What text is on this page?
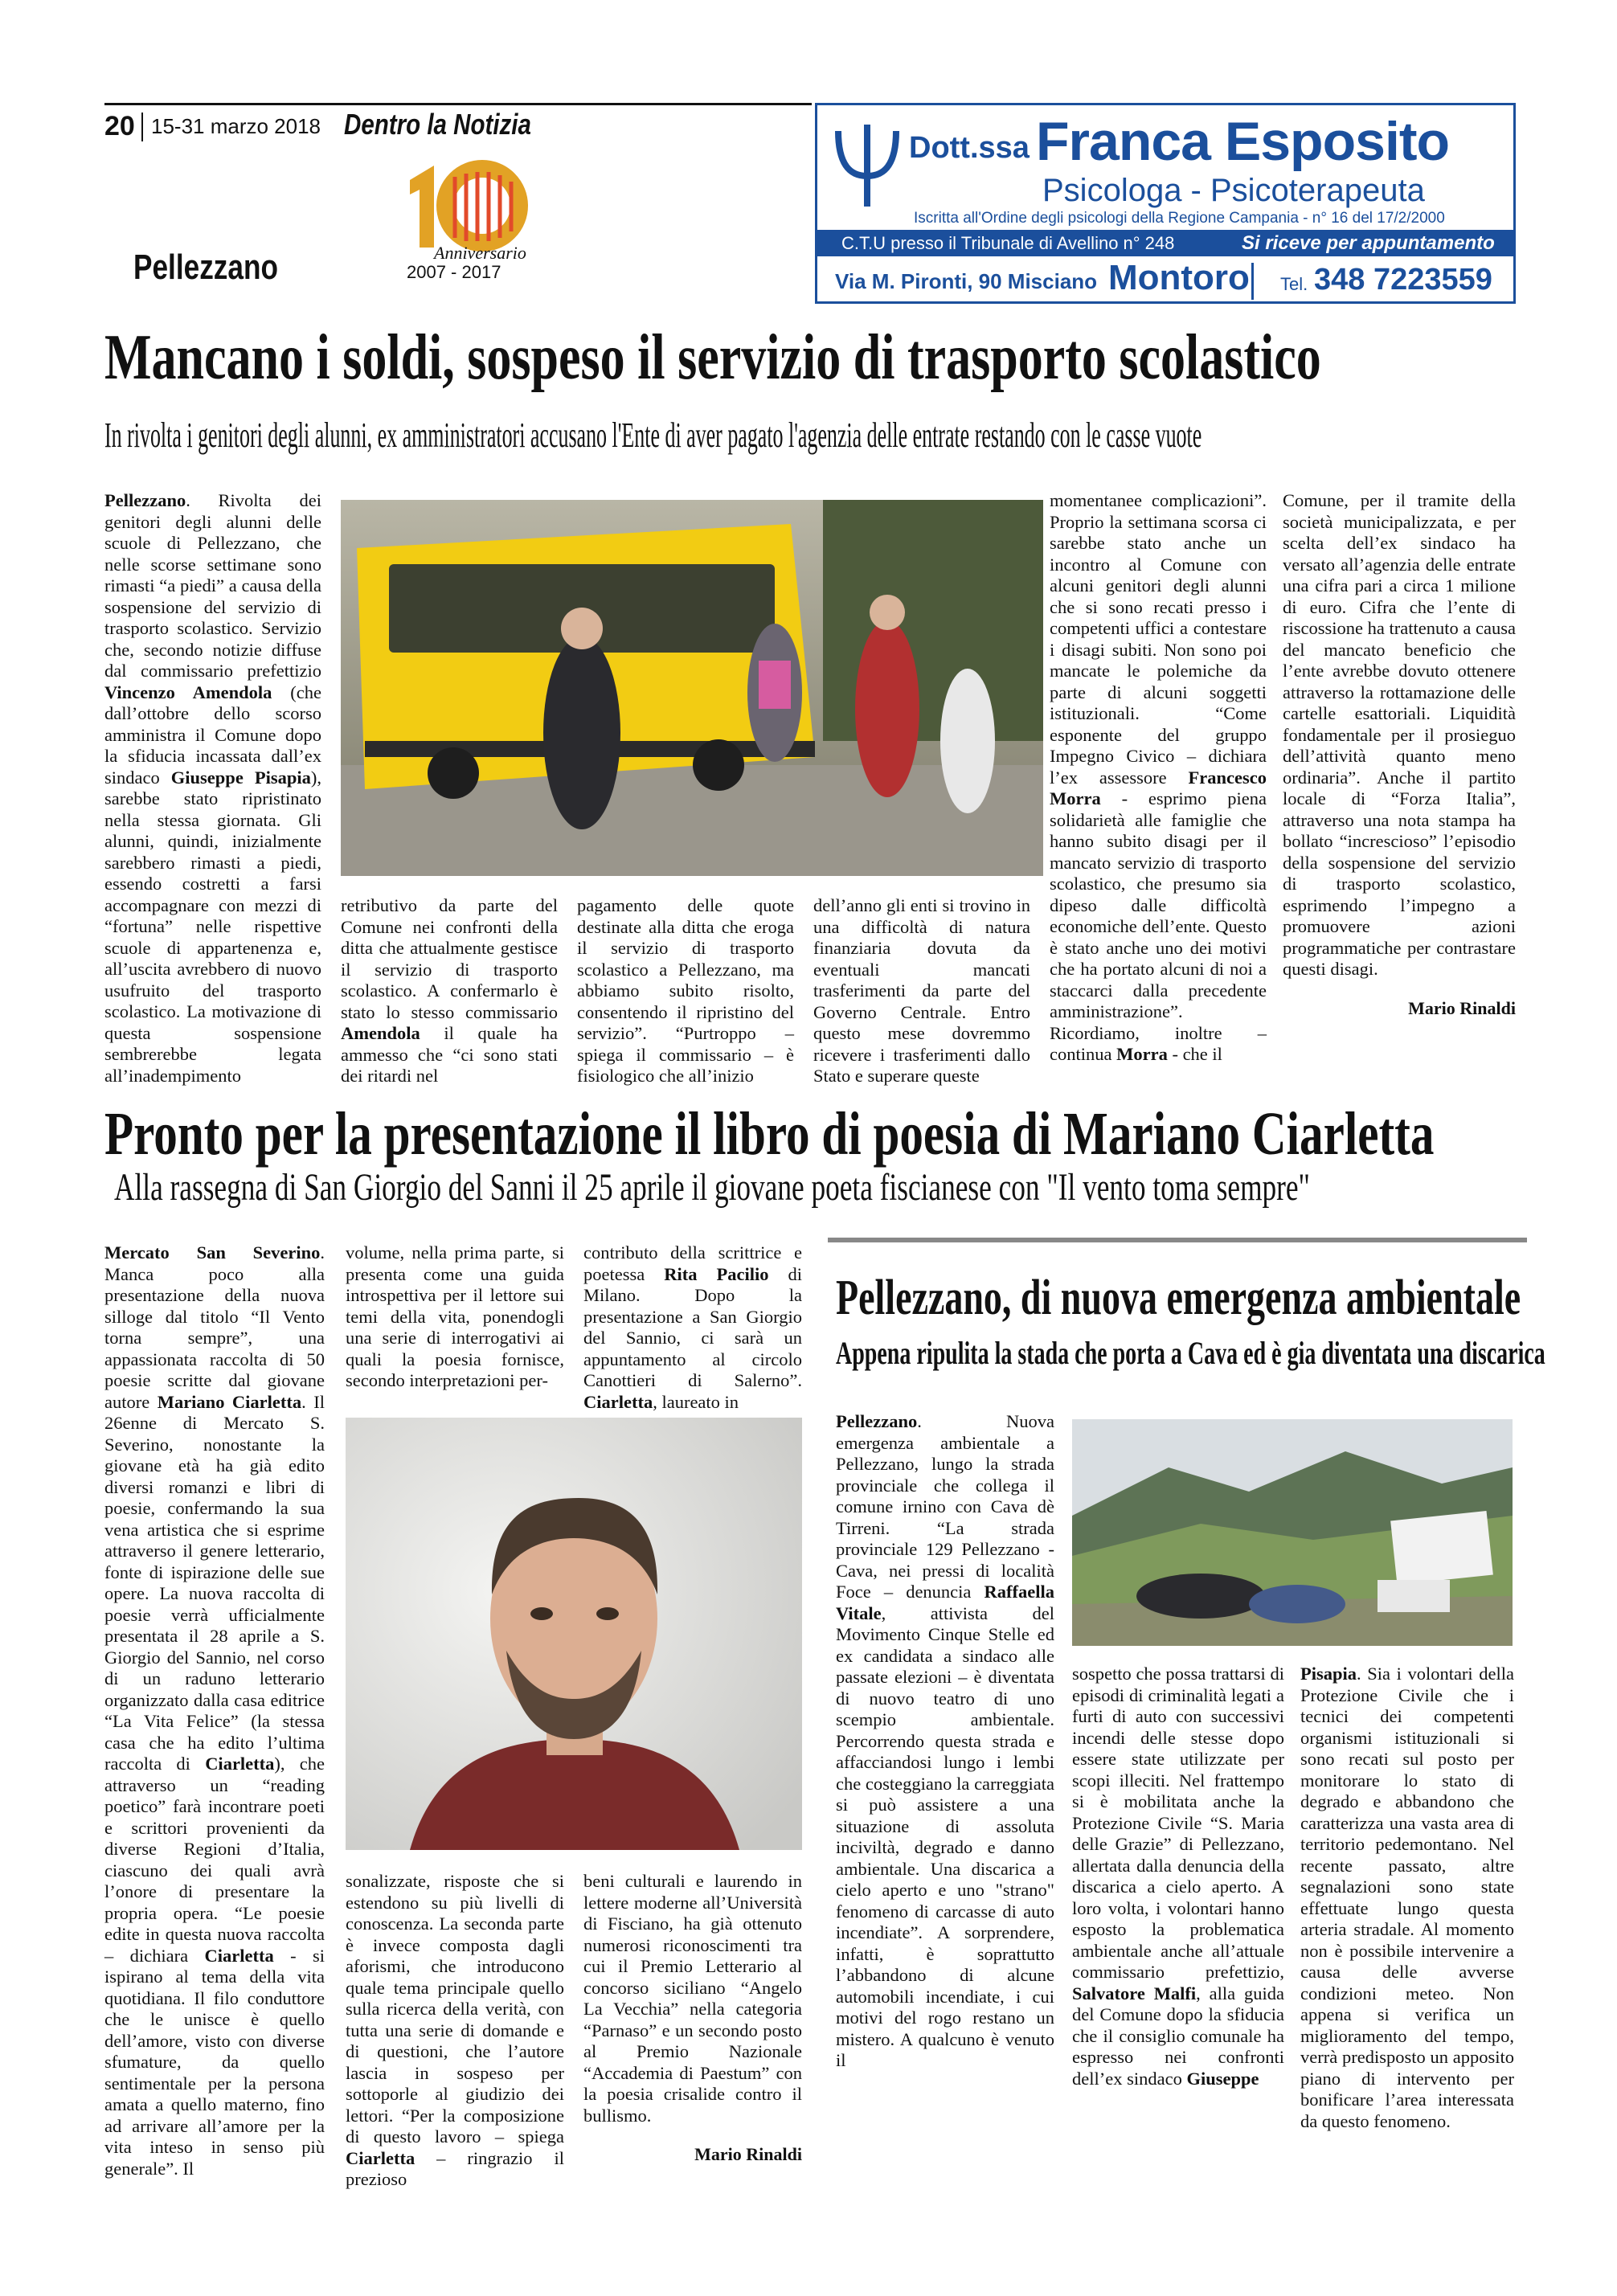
20 15-31 marzo 2018 Dentro la Notizia
Anniversario
2007 - 2017
Pellezzano
Dott.ssa Franca Esposito
Psicologa - Psicoterapeuta
Iscritta all'Ordine degli psicologi della Regione Campania - n° 16 del 17/2/2000
C.T.U presso il Tribunale di Avellino n° 248	Si riceve per appuntamento
Via M. Pironti, 90 Misciano Montoro Tel. 348 7223559
Mancano i soldi, sospeso il servizio di trasporto scolastico
In rivolta i genitori degli alunni, ex amministratori accusano l'Ente di aver pagato l'agenzia delle entrate restando con le casse vuote
Pellezzano. Rivolta dei genitori degli alunni delle scuole di Pellezzano, che nelle scorse settimane sono rimasti “a piedi” a causa della sospensione del servizio di trasporto scolastico. Servizio che, secondo notizie diffuse dal commissario prefettizio Vincenzo Amendola (che dall’ottobre dello scorso amministra il Comune dopo la sfiducia incassata dall’ex sindaco Giuseppe Pisapia), sarebbe stato ripristinato nella stessa giornata. Gli alunni, quindi, inizialmente sarebbero rimasti a piedi, essendo costretti a farsi accompagnare con mezzi di “fortuna” nelle rispettive scuole di appartenenza e, all’uscita avrebbero di nuovo usufruito del trasporto scolastico. La motivazione di questa sospensione sembrerebbe legata all’inadempimento
retributivo da parte del Comune nei confronti della ditta che attualmente gestisce il servizio di trasporto scolastico. A confermarlo è stato lo stesso commissario Amendola il quale ha ammesso che “ci sono stati dei ritardi nel
pagamento delle quote destinate alla ditta che eroga il servizio di trasporto scolastico a Pellezzano, ma abbiamo subito risolto, consentendo il ripristino del servizio”. “Purtroppo – spiega il commissario – è fisiologico che all’inizio
dell’anno gli enti si trovino in una difficoltà di natura finanziaria dovuta da eventuali mancati trasferimenti da parte del Governo Centrale. Entro questo mese dovremmo ricevere i trasferimenti dallo Stato e superare queste
momentanee complicazioni”. Proprio la settimana scorsa ci sarebbe stato anche un incontro al Comune con alcuni genitori degli alunni che si sono recati presso i competenti uffici a contestare i disagi subiti. Non sono poi mancate le polemiche da parte di alcuni soggetti istituzionali. “Come esponente del gruppo Impegno Civico – dichiara l’ex assessore Francesco Morra - esprimo piena solidarietà alle famiglie che hanno subito disagi per il mancato servizio di trasporto scolastico, che presumo sia dipeso dalle difficoltà economiche dell’ente. Questo è stato anche uno dei motivi che ha portato alcuni di noi a staccarci dalla precedente amministrazione”. Ricordiamo, inoltre – continua Morra - che il
Comune, per il tramite della società municipalizzata, e per scelta dell’ex sindaco ha versato all’agenzia delle entrate una cifra pari a circa 1 milione di euro. Cifra che l’ente di riscossione ha trattenuto a causa del mancato beneficio che l’ente avrebbe dovuto ottenere attraverso la rottamazione delle cartelle esattoriali. Liquidità fondamentale per il prosieguo dell’attività quanto meno ordinaria”. Anche il partito locale di “Forza Italia”, attraverso una nota stampa ha bollato “increscioso” l’episodio della sospensione del servizio di trasporto scolastico, esprimendo l’impegno a promuovere azioni programmatiche per contrastare questi disagi.
Mario Rinaldi
Pronto per la presentazione il libro di poesia di Mariano Ciarletta
Alla rassegna di San Giorgio del Sanni il 25 aprile il giovane poeta fiscianese con "Il vento toma sempre"
Mercato San Severino. Manca poco alla presentazione della nuova silloge dal titolo “Il Vento torna sempre”, una appassionata raccolta di 50 poesie scritte dal giovane autore Mariano Ciarletta. Il 26enne di Mercato S. Severino, nonostante la giovane età ha già edito diversi romanzi e libri di poesie, confermando la sua vena artistica che si esprime attraverso il genere letterario, fonte di ispirazione delle sue opere. La nuova raccolta di poesie verrà ufficialmente presentata il 28 aprile a S. Giorgio del Sannio, nel corso di un raduno letterario organizzato dalla casa editrice “La Vita Felice” (la stessa casa che ha edito l’ultima raccolta di Ciarletta), che attraverso un “reading poetico” farà incontrare poeti e scrittori provenienti da diverse Regioni d’Italia, ciascuno dei quali avrà l’onore di presentare la propria opera. “Le poesie edite in questa nuova raccolta – dichiara Ciarletta - si ispirano al tema della vita quotidiana. Il filo conduttore che le unisce è quello dell’amore, visto con diverse sfumature, da quello sentimentale per la persona amata a quello materno, fino ad arrivare all’amore per la vita inteso in senso più generale”. Il
volume, nella prima parte, si presenta come una guida introspettiva per il lettore sui temi della vita, ponendogli una serie di interrogativi ai quali la poesia fornisce, secondo interpretazioni per-
contributo della scrittrice e poetessa Rita Pacilio di Milano. Dopo la presentazione a San Giorgio del Sannio, ci sarà un appuntamento al circolo Canottieri di Salerno”. Ciarletta, laureato in
sonalizzate, risposte che si estendono su più livelli di conoscenza. La seconda parte è invece composta dagli aforismi, che introducono quale tema principale quello sulla ricerca della verità, con tutta una serie di domande e di questioni, che l’autore lascia in sospeso per sottoporle al giudizio dei lettori. “Per la composizione di questo lavoro – spiega Ciarletta – ringrazio il prezioso
beni culturali e laurendo in lettere moderne all’Università di Fisciano, ha già ottenuto numerosi riconoscimenti tra cui il Premio Letterario al concorso siciliano “Angelo La Vecchia” nella categoria “Parnaso” e un secondo posto al Premio Nazionale “Accademia di Paestum” con la poesia crisalide contro il bullismo.
Mario Rinaldi
Pellezzano, di nuova emergenza ambientale
Appena ripulita la stada che porta a Cava ed è gia diventata una discarica
Pellezzano. Nuova emergenza ambientale a Pellezzano, lungo la strada provinciale che collega il comune irnino con Cava dè Tirreni. “La strada provinciale 129 Pellezzano - Cava, nei pressi di località Foce – denuncia Raffaella Vitale, attivista del Movimento Cinque Stelle ed ex candidata a sindaco alle passate elezioni – è diventata di nuovo teatro di uno scempio ambientale. Percorrendo questa strada e affacciandosi lungo i lembi che costeggiano la carreggiata si può assistere a una situazione di assoluta inciviltà, degrado e danno ambientale. Una discarica a cielo aperto e uno "strano" fenomeno di carcasse di auto incendiate”. A sorprendere, infatti, è soprattutto l’abbandono di alcune automobili incendiate, i cui motivi del rogo restano un mistero. A qualcuno è venuto il
sospetto che possa trattarsi di episodi di criminalità legati a furti di auto con successivi incendi delle stesse dopo essere state utilizzate per scopi illeciti. Nel frattempo si è mobilitata anche la Protezione Civile “S. Maria delle Grazie” di Pellezzano, allertata dalla denuncia della discarica a cielo aperto. A loro volta, i volontari hanno esposto la problematica ambientale anche all’attuale commissario prefettizio, Salvatore Malfi, alla guida del Comune dopo la sfiducia che il consiglio comunale ha espresso nei confronti dell’ex sindaco Giuseppe
Pisapia. Sia i volontari della Protezione Civile che i tecnici dei competenti organismi istituzionali si sono recati sul posto per monitorare lo stato di degrado e abbandono che caratterizza una vasta area di territorio pedemontano. Nel recente passato, altre segnalazioni sono state effettuate lungo questa arteria stradale. Al momento non è possibile intervenire a causa delle avverse condizioni meteo. Non appena si verifica un miglioramento del tempo, verrà predisposto un apposito piano di intervento per bonificare l’area interessata da questo fenomeno.
